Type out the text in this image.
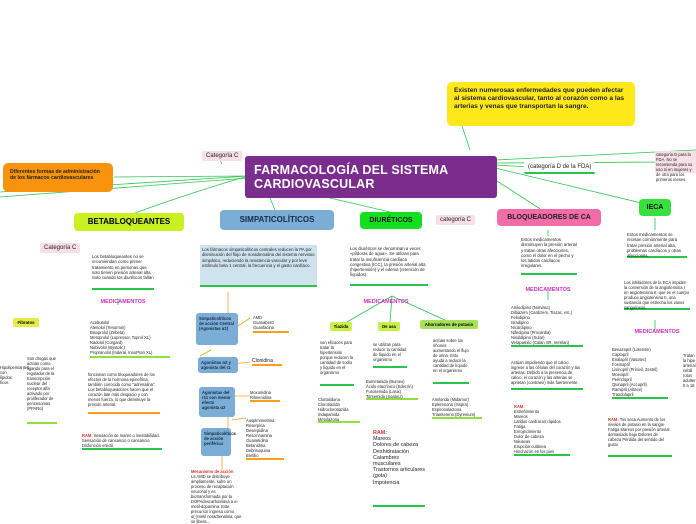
FARMACOLOGÍA DEL SISTEMA CARDIOVASCULAR
Existen numerosas enfermedades que pueden afectar al sistema cardiovascular, tanto al corazón como a las arterias y venas que transportan la sangre.
Diferentes formas de administración de los fármacos cardiovasculares
BETABLOQUEANTES
Categoría C
Los betabloqueantes no se recomiendan como primer tratamiento en personas que solo tienen presión arterial alta. Solo cuando los diuréticos fallan
MEDICAMENTOS
Acebutolol
Atenolol (Tenormin)
Bisoprolol (Zebeta)
Metoprolol (Lopressor, Toprol XL)
Nadolol (Corgard)
Nebivolol (Bystolic)
Propranolol (Inderal, InnoPran XL)
funcionan como bloqueadores de los efectos de la hormona epinefrina, también conocida como "adrenalina". Los betabloqueadores hacen que el corazón late más despacio y con menos fuerza, lo que disminuye la presión arterial.
RAM: Sensación de mareo o inestabilidad. Sensación de cansancio o cansancio. Disfunción eréctil.
Fibratos
Son drogas que actúan como ligando para el regulador de la transcripción nuclear del receptor alfa activado por proliferador de peroxisomas (PPARα)
Hipolipemiantes
con
lípidos
ficos
Categoría C
SIMPATICOLÍTICOS
Los fármacos simpaticolíticos centrales reducen la PA por disminución del flujo de noradrenalina del sistema nervioso simpático, reduciendo la resistencia vascular y por leve estímulo beta 1 central, la frecuencia y el gasto cardíaco.
Simpaticolíticos de acción Central (Agonistas α2)
AMD
Guanabenz
Guanfacina
Agonistas α2 y agonista del r1
Clonidina
Agonistas del r11 con menor efecto agonista α2
Moxonidina
Rilmenidina
Simpaticolíticos de acción periférica
Ausplmonetrina:
Reserpina
Deserpidina
Rescinnamina
Guanetidina
Betanidina
Debrisoquina
Bretilio
Mecanismo de acción
La AMD se distribuye ampliamente, sufre un proceso de recaptación neuronal y es biotransformada por la DOPAdescarboxilasa a α-metil-dopamina. Este precursor ingresa como α(-)metil noradrenalina, que se libera...
DIURÉTICOS	categoría C
Los diuréticos se denominan a veces «píldoras de agua». Se utilizan para tratar la insuficiencia cardíaca congestiva (ICC), la presión arterial alta (hipertensión) y el edema (retención de líquidos).
MEDICAMENTOS
Tiazida
son eficaces para tratar la hipertensión porque reducen la cantidad de sodio y líquido en el organismo
Clortalidona
Clorotiazida
Hidroclorotiazida
Indapamida
Metolazona
De asa
se utilizan para reducir la cantidad de líquido en el organismo
Bumetanida (Bumex)
Ácido etacrínico (Edecrin)
Furosemida (Lasix)
Torsemida (Soaanz)
Ahorradores de potasio
actúan sobre los riñones aumentando el flujo de orina. Esto ayuda a reducir la cantidad de líquido en el organismo
Amilorida (Midamor)
Eplerenona (Inspra)
Espironolactona
Triamtereno (Dyrenium)
RAM:
Mareos
Dolores de cabeza
Deshidratación
Calambres musculares
Trastornos articulares (gota)
Impotencia
(categoría D de la FDA)
BLOQUEADORES DE CA
Estos medicamentos disminuyen la presión arterial y tratan otras afecciones, como el dolor en el pecho y los latidos cardíacos irregulares.
MEDICAMENTOS
Amlodipino (Norvasc)
Diltiazem (Cardizem, Tiazac, etc.)
Felodipino
Isradipino
Nicardipino
Nifedipina (Procardia)
Nisoldipino (Sular)
Verapamilo (Calan SR, Verelan)
Actúan impidiendo que el calcio ingrese a las células del corazón y las arterias. Debido a la presencia de calcio, el corazón y las arterias se aprietan (contraen) más fuertemente.
RAM:
Estreñimiento
Mareos
Latidos cardíacos rápidos
Fatiga
Enrojecimiento
Dolor de cabeza
Náuseas
Erupción cutánea
Hinchazón en los pies
categoría D para la FDA. No se recomienda para su uso ni en mujeres y de otra para los primeros meses
IECA
Estos medicamentos se recetan comúnmente para tratar presión arterial alta, problemas cardíacos y otras afecciones.
Los inhibidores de la ECA impiden la conversión de la angiotensina I en angiotensina II, que en el cuerpo produce angiotensina II, una sustancia que estrecha los vasos sanguíneos.
MEDICAMENTOS
Benazepril (Lotensin)
Captopril
Enalapril (Vasotec)
Fosinopril
Lisinopril (Prinivil, Zestril)
Moexipril
Perindopril
Quinapril (Accupril)
Ramipril (Altace)
Trandolapril
RAM: Tos seca Aumento de los niveles de potasio en la sangre Fatiga Mareos por presión arterial demasiado baja Dolores de cabeza Pérdida del sentido del gusto
Tratan
la hipe
arterial
cebili
rotos
adulter
0 a 18
